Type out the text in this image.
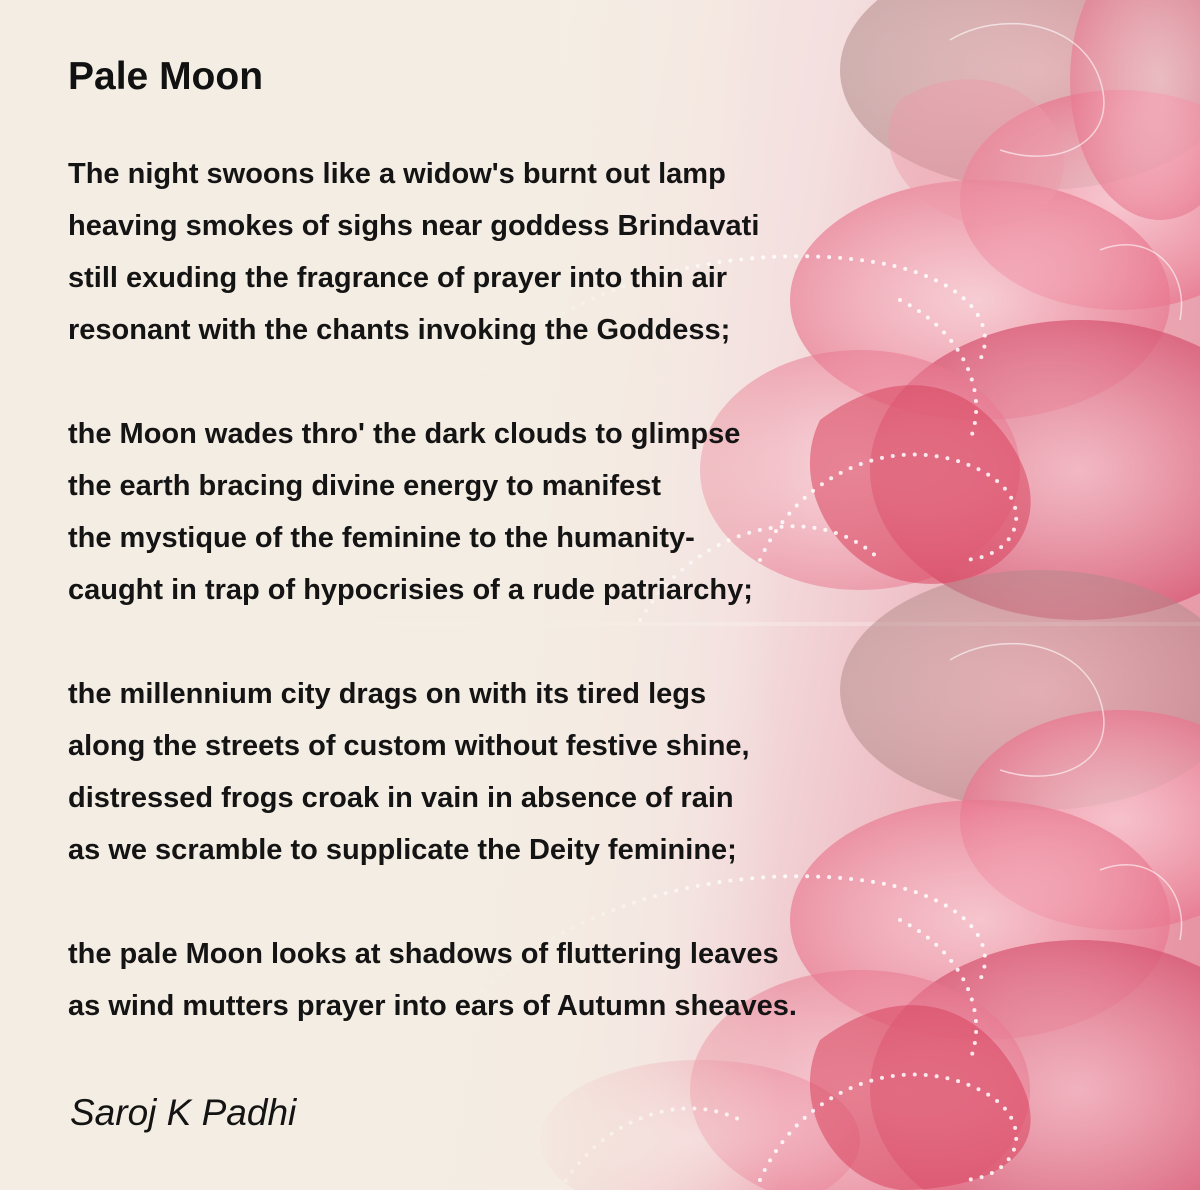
Pale Moon
The night swoons like a widow's burnt out lamp
heaving smokes of sighs near goddess Brindavati
still exuding the fragrance of prayer into thin air
resonant with the chants invoking the Goddess;
the Moon wades thro' the dark clouds to glimpse
the earth bracing divine energy to manifest
the mystique of the feminine to the humanity-
caught in trap of hypocrisies of a rude patriarchy;
the millennium city drags on with its tired legs
along the streets of custom without festive shine,
distressed frogs croak in vain in absence of rain
as we scramble to supplicate the Deity feminine;
the pale Moon looks at shadows of fluttering leaves
as wind mutters prayer into ears of Autumn sheaves.

Saroj K Padhi
